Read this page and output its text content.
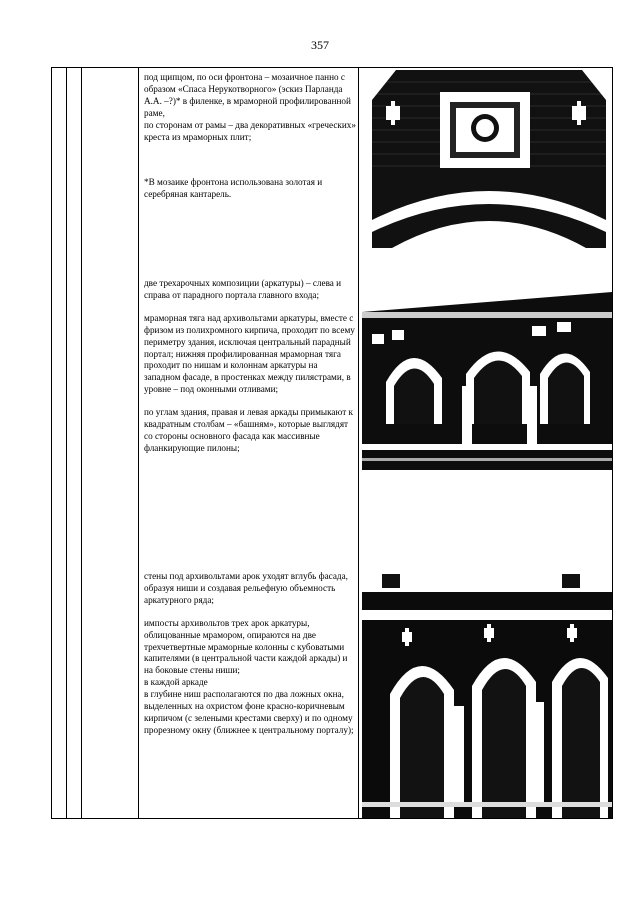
357

под щипцом, по оси фронтона – мозаичное панно с образом «Спаса Нерукотворного» (эскиз Парланда А.А. –?)* в филенке, в мраморной профилированной раме,

по сторонам от рамы – два декоративных «греческих» креста из мраморных плит;

*В мозаике фронтона использована золотая и серебряная кантарель.

две трехарочных композиции (аркатуры) – слева и справа от парадного портала главного входа;

мраморная тяга над архивольтами аркатуры, вместе с фризом из полихромного кирпича, проходит по всему периметру здания, исключая центральный парадный портал; нижняя профилированная мраморная тяга проходит по нишам и колоннам аркатуры на западном фасаде, в простенках между пилястрами, в уровне – под оконными отливами;

по углам здания, правая и левая аркады примыкают к квадратным столбам – «башням», которые выглядят со стороны основного фасада как массивные фланкирующие пилоны;

стены под архивольтами арок уходят вглубь фасада, образуя ниши и создавая рельефную объемность аркатурного ряда;

импосты архивольтов трех арок аркатуры, облицованные мрамором, опираются на две трехчетвертные мраморные колонны с кубоватыми капителями (в центральной части каждой аркады) и на боковые стены ниши;

в каждой аркаде

в глубине ниш располагаются по два ложных окна, выделенных на охристом фоне красно-коричневым кирпичом (с зелеными крестами сверху) и по одному прорезному окну (ближнее к центральному порталу);
